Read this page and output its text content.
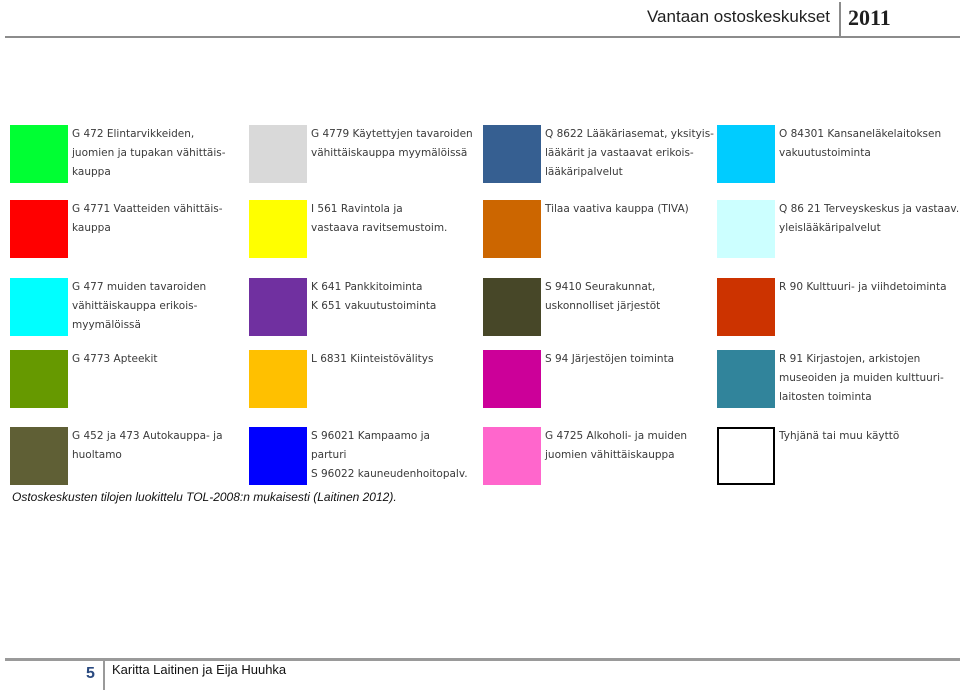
Vantaan ostoskeskukset 2011
G 472 Elintarvikkeiden,
juomien ja tupakan vähittäis-
kauppa
G 4771 Vaatteiden vähittäis-
kauppa
G 477 muiden tavaroiden
vähittäiskauppa erikois-
myymälöissä
G 4773 Apteekit
G 452 ja 473 Autokauppa- ja
huoltamo
G 4779 Käytettyjen tavaroiden
vähittäiskauppa myymälöissä
I 561 Ravintola ja
vastaava ravitsemustoim.
K 641 Pankkitoiminta
K 651 vakuutustoiminta
L 6831 Kiinteistövälitys
S 96021 Kampaamo ja
parturi
S 96022 kauneudenhoitopalv.
Q 8622 Lääkäriasemat, yksityis-
lääkärit ja vastaavat erikois-
lääkäripalvelut
Tilaa vaativa kauppa (TIVA)
S 9410 Seurakunnat,
uskonnolliset järjestöt
S 94 Järjestöjen toiminta
G 4725 Alkoholi- ja muiden
juomien vähittäiskauppa
O 84301 Kansaneläkelaitoksen
vakuutustoiminta
Q 86 21 Terveyskeskus ja vastaav.
yleislääkäripalvelut
R 90 Kulttuuri- ja viihdetoiminta
R 91 Kirjastojen, arkistojen
museoiden ja muiden kulttuuri-
laitosten toiminta
Tyhjänä tai muu käyttö
Ostoskeskusten tilojen luokittelu TOL-2008:n mukaisesti (Laitinen 2012).
5 Karitta Laitinen ja Eija Huuhka
